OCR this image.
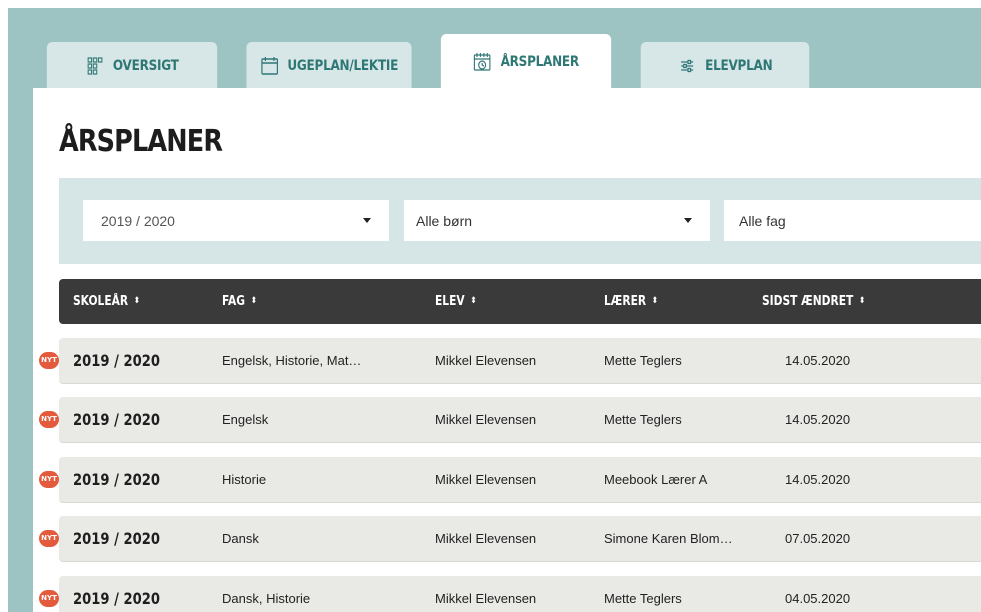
OVERSIGT	UGEPLAN/LEKTIE	ÅRSPLANER	ELEVPLAN
ÅRSPLANER
2019 / 2020	Alle børn	Alle fag
SKOLEÅR ⬍	FAG ⬍	ELEV ⬍	LÆRER ⬍	SIDST ÆNDRET ⬍
NYT 2019 / 2020	Engelsk, Historie, Mat…	Mikkel Elevensen	Mette Teglers	14.05.2020
NYT 2019 / 2020	Engelsk	Mikkel Elevensen	Mette Teglers	14.05.2020
NYT 2019 / 2020	Historie	Mikkel Elevensen	Meebook Lærer A	14.05.2020
NYT 2019 / 2020	Dansk	Mikkel Elevensen	Simone Karen Blom…	07.05.2020
NYT 2019 / 2020	Dansk, Historie	Mikkel Elevensen	Mette Teglers	04.05.2020
